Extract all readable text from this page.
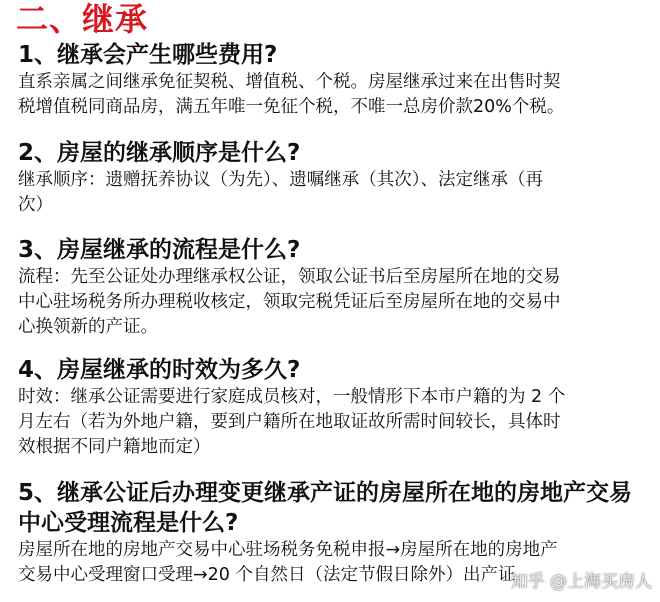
二、继承
1、继承会产生哪些费用?
直系亲属之间继承免征契税、增值税、个税。房屋继承过来在出售时契
税增值税同商品房，满五年唯一免征个税，不唯一总房价款20%个税。
2、房屋的继承顺序是什么?
继承顺序：遗赠抚养协议（为先）、遗嘱继承（其次）、法定继承（再
次）
3、房屋继承的流程是什么?
流程：先至公证处办理继承权公证，领取公证书后至房屋所在地的交易
中心驻场税务所办理税收核定，领取完税凭证后至房屋所在地的交易中
心换领新的产证。
4、房屋继承的时效为多久?
时效：继承公证需要进行家庭成员核对，一般情形下本市户籍的为 2 个
月左右（若为外地户籍，要到户籍所在地取证故所需时间较长，具体时
效根据不同户籍地而定）
5、继承公证后办理变更继承产证的房屋所在地的房地产交易
中心受理流程是什么?
房屋所在地的房地产交易中心驻场税务免税申报→房屋所在地的房地产
交易中心受理窗口受理→20 个自然日（法定节假日除外）出产证
知乎 @上海买房人
